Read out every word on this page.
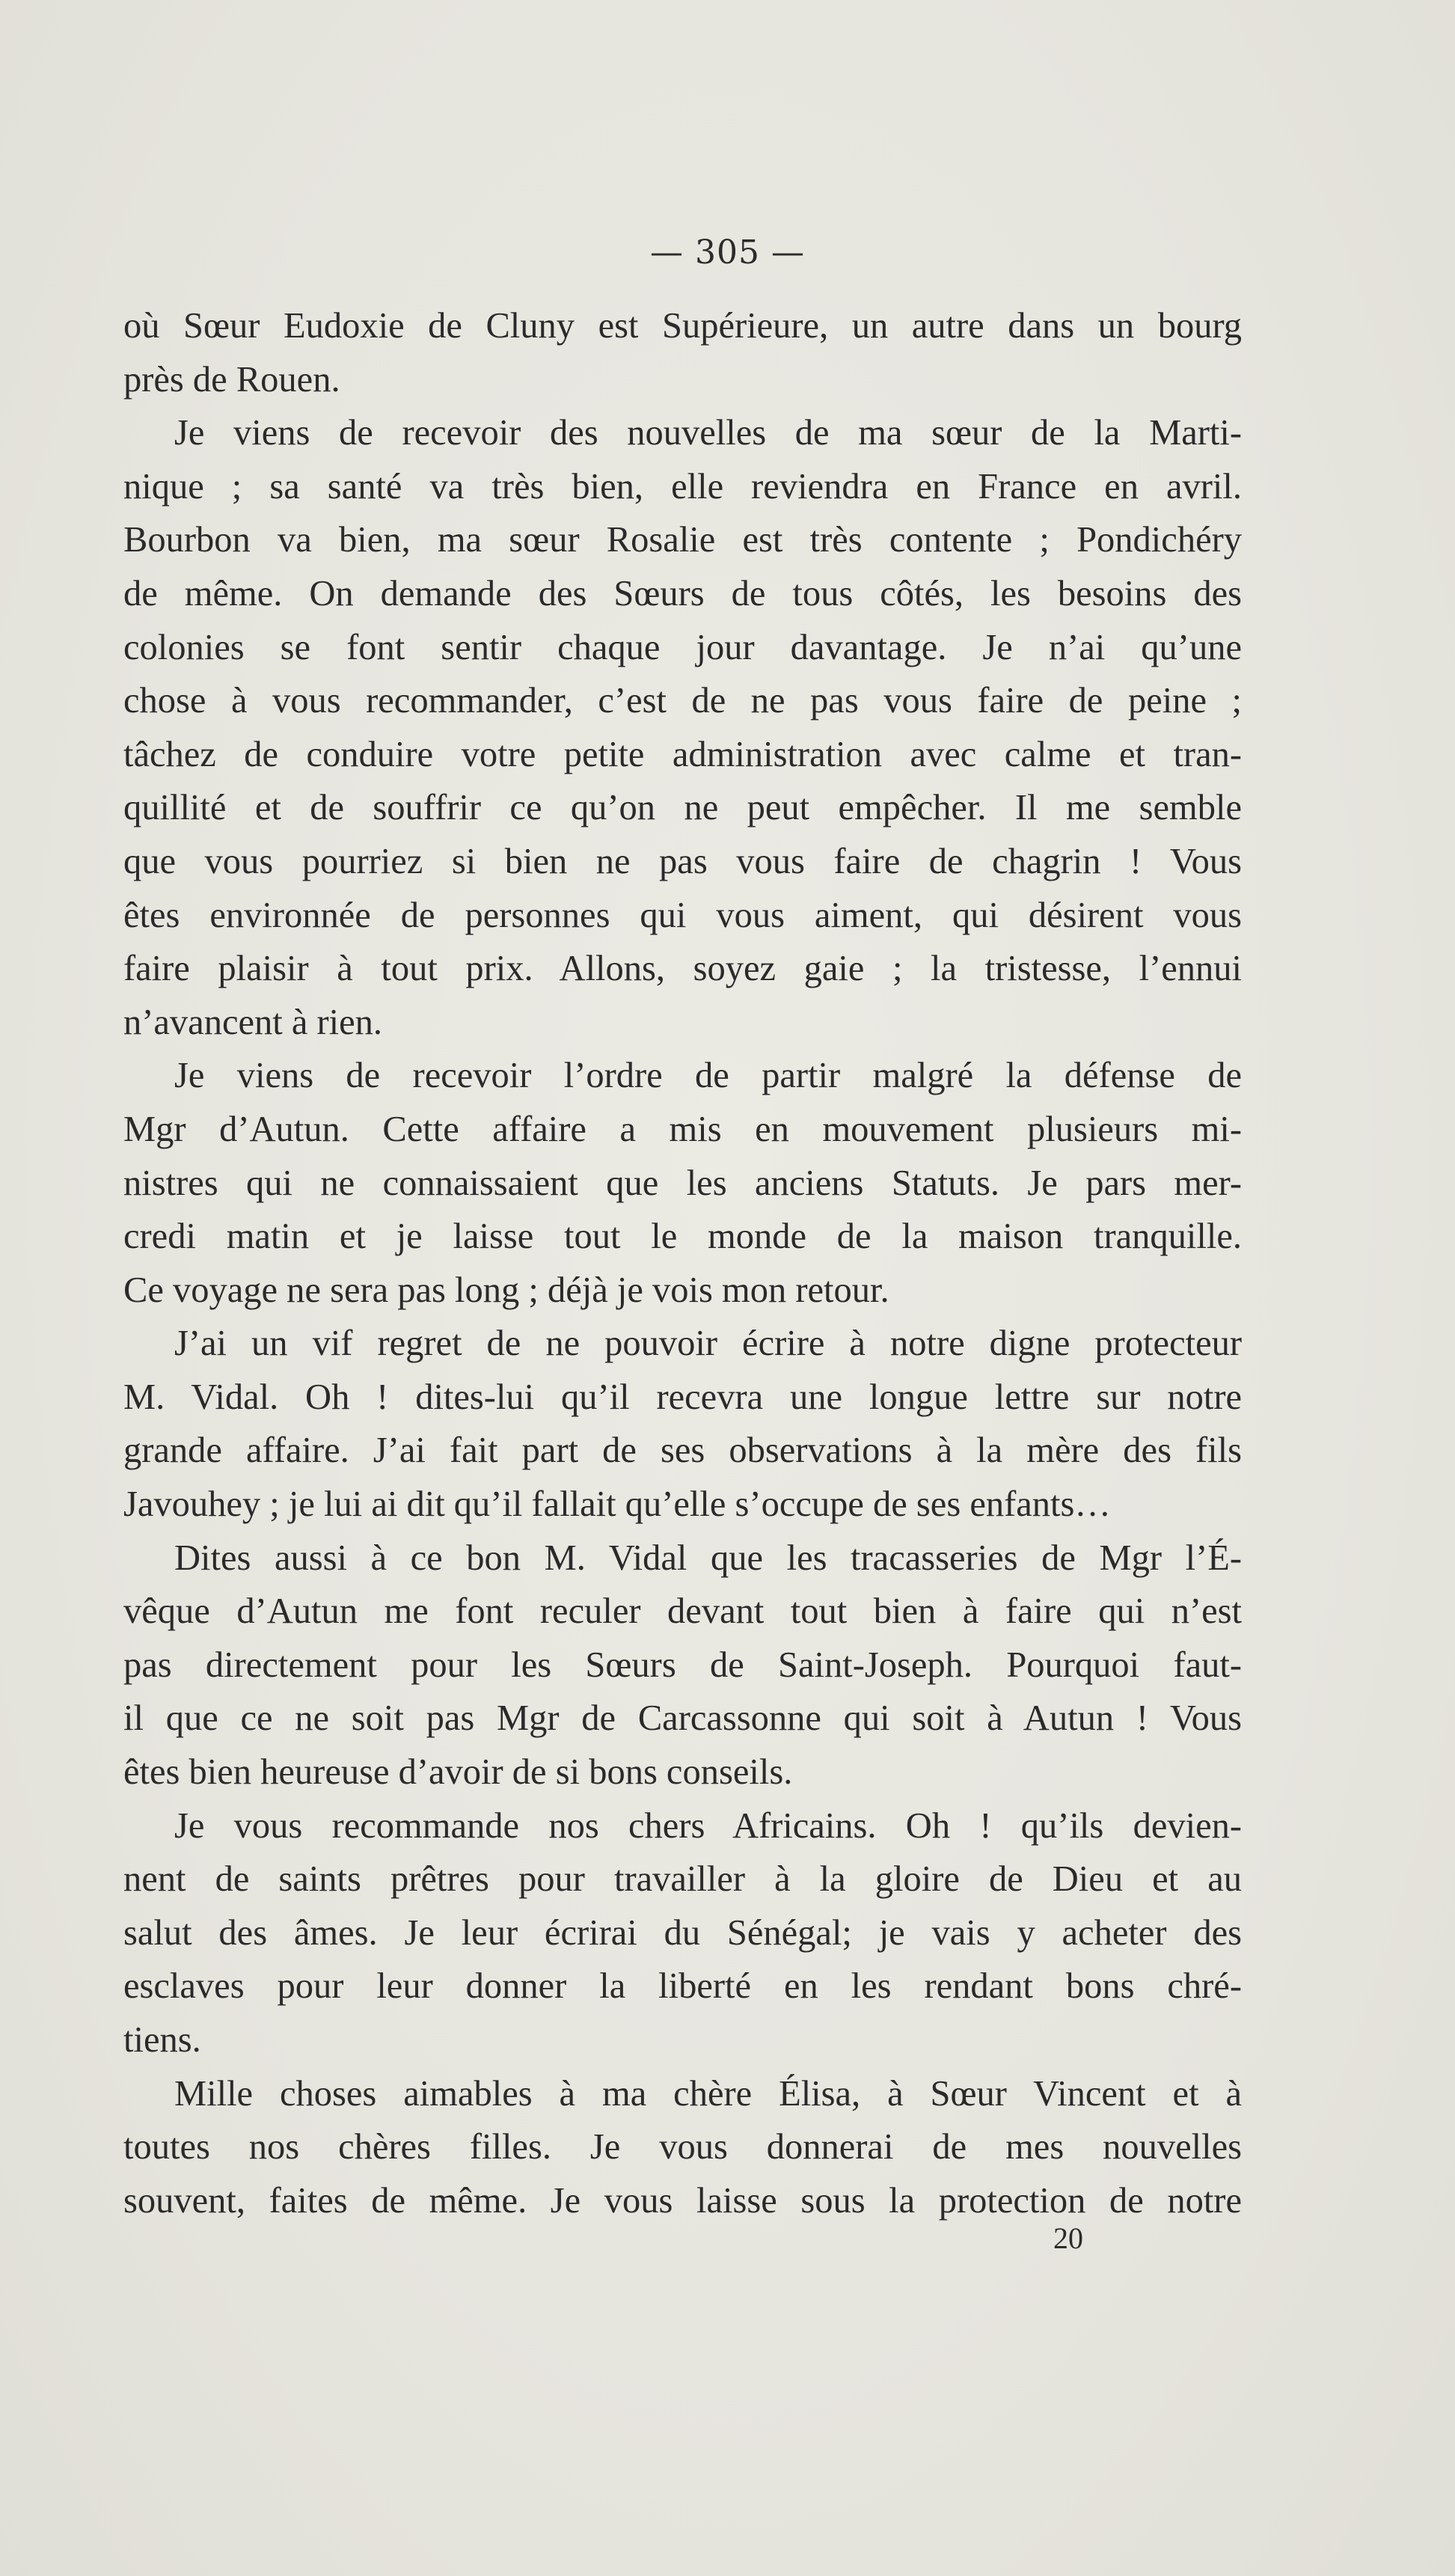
— 305 —
où Sœur Eudoxie de Cluny est Supérieure, un autre dans un bourg
près de Rouen.
Je viens de recevoir des nouvelles de ma sœur de la Marti-
nique ; sa santé va très bien, elle reviendra en France en avril.
Bourbon va bien, ma sœur Rosalie est très contente ; Pondichéry
de même. On demande des Sœurs de tous côtés, les besoins des
colonies se font sentir chaque jour davantage. Je n’ai qu’une
chose à vous recommander, c’est de ne pas vous faire de peine ;
tâchez de conduire votre petite administration avec calme et tran-
quillité et de souffrir ce qu’on ne peut empêcher. Il me semble
que vous pourriez si bien ne pas vous faire de chagrin ! Vous
êtes environnée de personnes qui vous aiment, qui désirent vous
faire plaisir à tout prix. Allons, soyez gaie ; la tristesse, l’ennui
n’avancent à rien.
Je viens de recevoir l’ordre de partir malgré la défense de
Mgr d’Autun. Cette affaire a mis en mouvement plusieurs mi-
nistres qui ne connaissaient que les anciens Statuts. Je pars mer-
credi matin et je laisse tout le monde de la maison tranquille.
Ce voyage ne sera pas long ; déjà je vois mon retour.
J’ai un vif regret de ne pouvoir écrire à notre digne protecteur
M. Vidal. Oh ! dites-lui qu’il recevra une longue lettre sur notre
grande affaire. J’ai fait part de ses observations à la mère des fils
Javouhey ; je lui ai dit qu’il fallait qu’elle s’occupe de ses enfants…
Dites aussi à ce bon M. Vidal que les tracasseries de Mgr l’É-
vêque d’Autun me font reculer devant tout bien à faire qui n’est
pas directement pour les Sœurs de Saint-Joseph. Pourquoi faut-
il que ce ne soit pas Mgr de Carcassonne qui soit à Autun ! Vous
êtes bien heureuse d’avoir de si bons conseils.
Je vous recommande nos chers Africains. Oh ! qu’ils devien-
nent de saints prêtres pour travailler à la gloire de Dieu et au
salut des âmes. Je leur écrirai du Sénégal; je vais y acheter des
esclaves pour leur donner la liberté en les rendant bons chré-
tiens.
Mille choses aimables à ma chère Élisa, à Sœur Vincent et à
toutes nos chères filles. Je vous donnerai de mes nouvelles
souvent, faites de même. Je vous laisse sous la protection de notre
20
